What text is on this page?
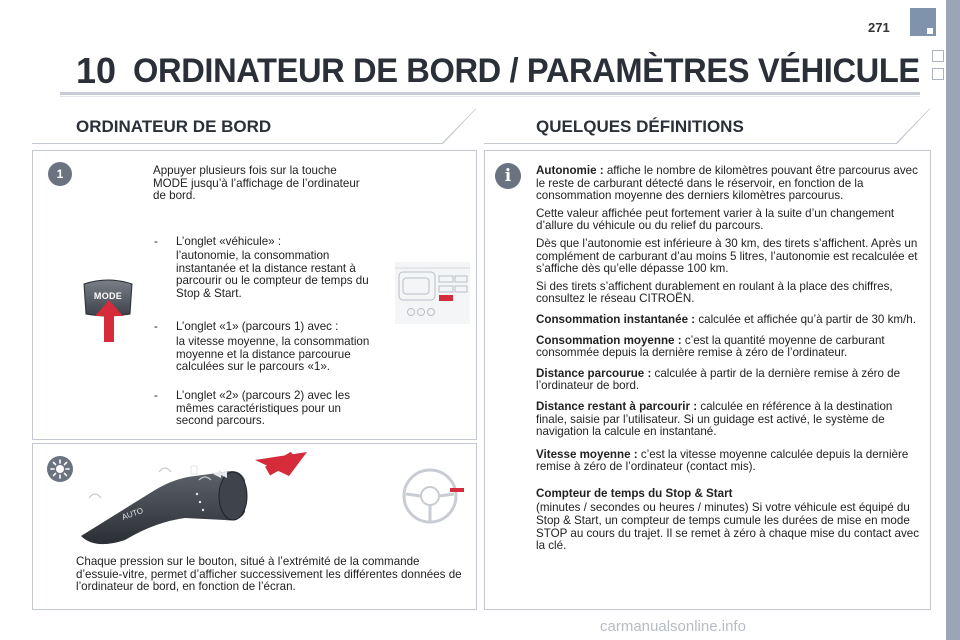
271
10 ORDINATEUR DE BORD / PARAMÈTRES VÉHICULE
ORDINATEUR DE BORD	QUELQUES DÉFINITIONS
1	Appuyer plusieurs fois sur la touche MODE jusqu’à l’affichage de l’ordinateur de bord.
- L’onglet «véhicule» :
l’autonomie, la consommation instantanée et la distance restant à parcourir ou le compteur de temps du Stop & Start.
- L’onglet «1» (parcours 1) avec :
la vitesse moyenne, la consommation moyenne et la distance parcourue calculées sur le parcours «1».
- L’onglet «2» (parcours 2) avec les mêmes caractéristiques pour un second parcours.
MODE
AUTO
Chaque pression sur le bouton, situé à l’extrémité de la commande d’essuie-vitre, permet d’afficher successivement les différentes données de l’ordinateur de bord, en fonction de l’écran.
i	Autonomie : affiche le nombre de kilomètres pouvant être parcourus avec le reste de carburant détecté dans le réservoir, en fonction de la consommation moyenne des derniers kilomètres parcourus.

Cette valeur affichée peut fortement varier à la suite d’un changement d’allure du véhicule ou du relief du parcours.

Dès que l’autonomie est inférieure à 30 km, des tirets s’affichent. Après un complément de carburant d’au moins 5 litres, l’autonomie est recalculée et s’affiche dès qu’elle dépasse 100 km.

Si des tirets s’affichent durablement en roulant à la place des chiffres, consultez le réseau CITROËN.

Consommation instantanée : calculée et affichée qu’à partir de 30 km/h.

Consommation moyenne : c’est la quantité moyenne de carburant consommée depuis la dernière remise à zéro de l’ordinateur.

Distance parcourue : calculée à partir de la dernière remise à zéro de l’ordinateur de bord.

Distance restant à parcourir : calculée en référence à la destination finale, saisie par l’utilisateur. Si un guidage est activé, le système de navigation la calcule en instantané.

Vitesse moyenne : c’est la vitesse moyenne calculée depuis la dernière remise à zéro de l’ordinateur (contact mis).

Compteur de temps du Stop & Start

(minutes / secondes ou heures / minutes) Si votre véhicule est équipé du Stop & Start, un compteur de temps cumule les durées de mise en mode STOP au cours du trajet. Il se remet à zéro à chaque mise du contact avec la clé.

carmanualsonline.info
